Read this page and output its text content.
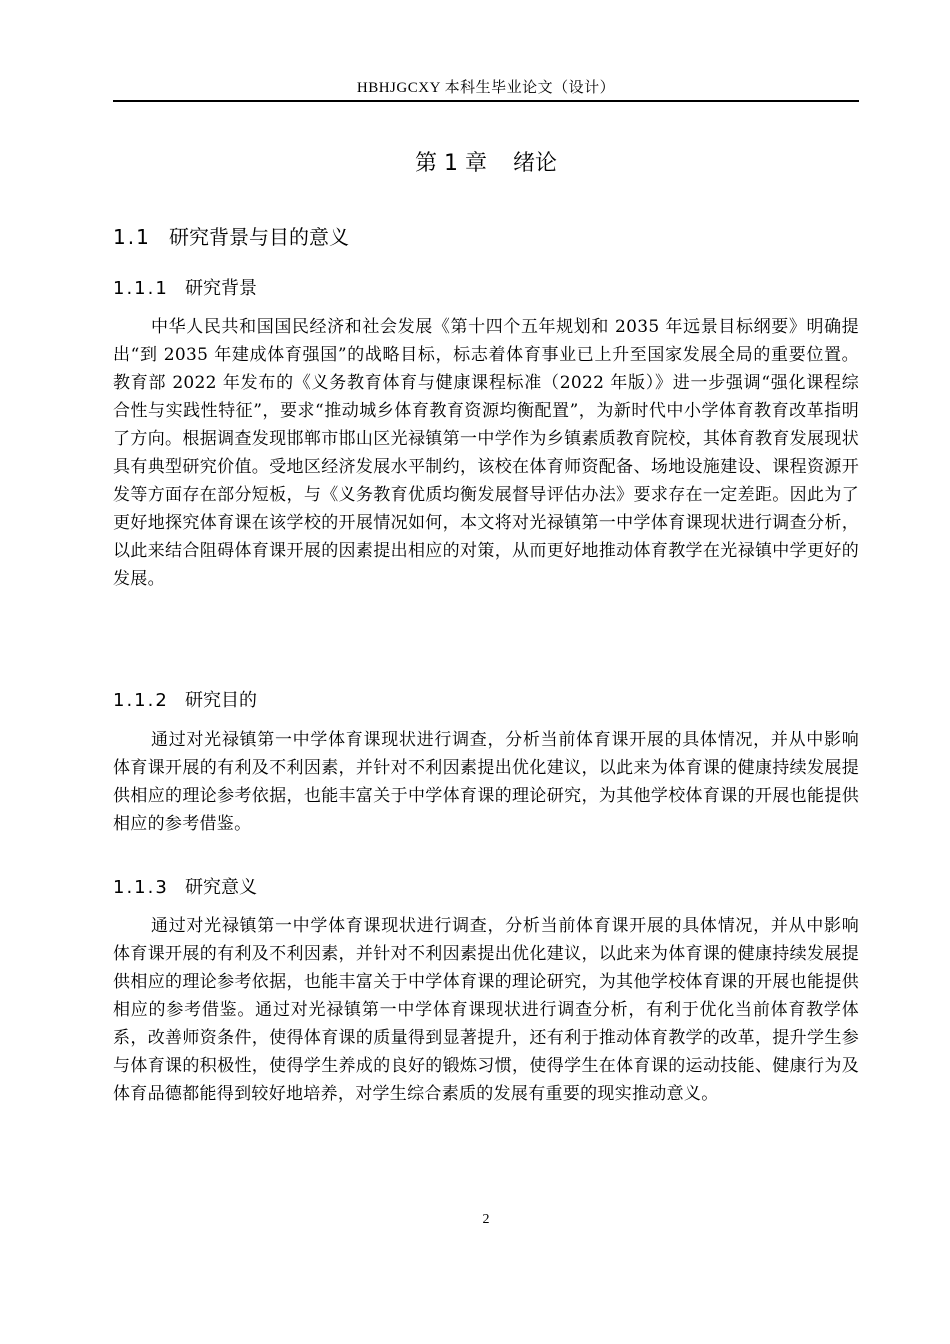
HBHJGCXY 本科生毕业论文（设计）
第 1 章 绪论
1.1 研究背景与目的意义
1.1.1 研究背景

中华人民共和国国民经济和社会发展《第十四个五年规划和 2035 年远景目标纲要》明确提出“到 2035 年建成体育强国”的战略目标，标志着体育事业已上升至国家发展全局的重要位置。教育部 2022 年发布的《义务教育体育与健康课程标准（2022 年版）》进一步强调“强化课程综合性与实践性特征”，要求“推动城乡体育教育资源均衡配置”，为新时代中小学体育教育改革指明了方向。根据调查发现邯郸市邯山区光禄镇第一中学作为乡镇素质教育院校，其体育教育发展现状具有典型研究价值。受地区经济发展水平制约，该校在体育师资配备、场地设施建设、课程资源开发等方面存在部分短板，与《义务教育优质均衡发展督导评估办法》要求存在一定差距。因此为了更好地探究体育课在该学校的开展情况如何，本文将对光禄镇第一中学体育课现状进行调查分析，以此来结合阻碍体育课开展的因素提出相应的对策，从而更好地推动体育教学在光禄镇中学更好的发展。

1.1.2 研究目的

通过对光禄镇第一中学体育课现状进行调查，分析当前体育课开展的具体情况，并从中影响体育课开展的有利及不利因素，并针对不利因素提出优化建议，以此来为体育课的健康持续发展提供相应的理论参考依据，也能丰富关于中学体育课的理论研究，为其他学校体育课的开展也能提供相应的参考借鉴。

1.1.3 研究意义

通过对光禄镇第一中学体育课现状进行调查，分析当前体育课开展的具体情况，并从中影响体育课开展的有利及不利因素，并针对不利因素提出优化建议，以此来为体育课的健康持续发展提供相应的理论参考依据，也能丰富关于中学体育课的理论研究，为其他学校体育课的开展也能提供相应的参考借鉴。通过对光禄镇第一中学体育课现状进行调查分析，有利于优化当前体育教学体系，改善师资条件，使得体育课的质量得到显著提升，还有利于推动体育教学的改革，提升学生参与体育课的积极性，使得学生养成的良好的锻炼习惯，使得学生在体育课的运动技能、健康行为及体育品德都能得到较好地培养，对学生综合素质的发展有重要的现实推动意义。

2
